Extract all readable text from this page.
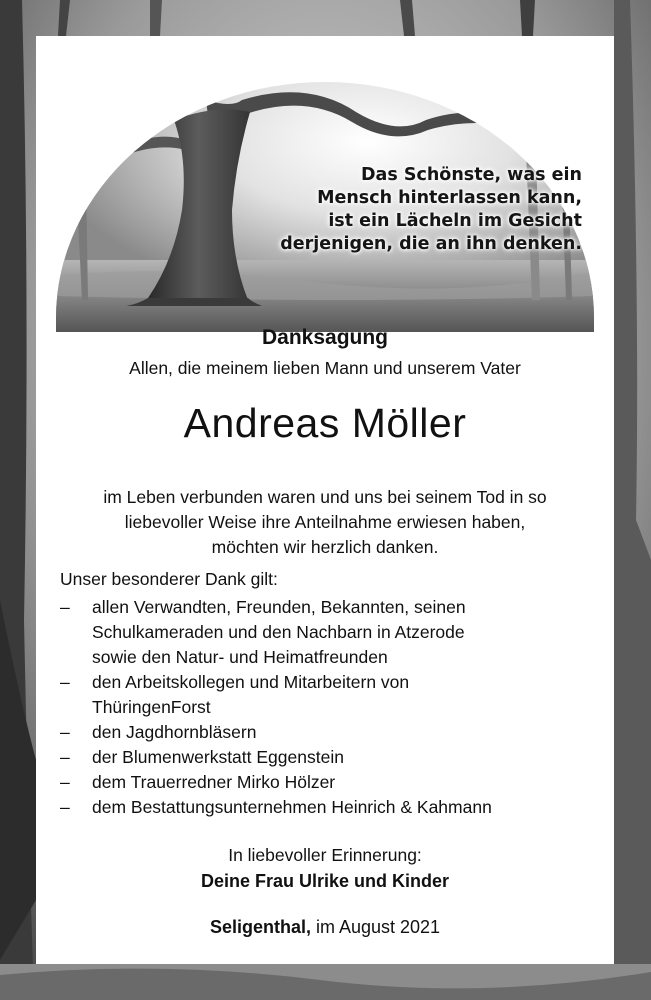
Das Schönste, was ein
Mensch hinterlassen kann,
ist ein Lächeln im Gesicht
derjenigen, die an ihn denken.
Danksagung
Allen, die meinem lieben Mann und unserem Vater
Andreas Möller
im Leben verbunden waren und uns bei seinem Tod in so
liebevoller Weise ihre Anteilnahme erwiesen haben,
möchten wir herzlich danken.
Unser besonderer Dank gilt:
– allen Verwandten, Freunden, Bekannten, seinen
Schulkameraden und den Nachbarn in Atzerode
sowie den Natur- und Heimatfreunden
– den Arbeitskollegen und Mitarbeitern von
ThüringenForst
– den Jagdhornbläsern
– der Blumenwerkstatt Eggenstein
– dem Trauerredner Mirko Hölzer
– dem Bestattungsunternehmen Heinrich & Kahmann
In liebevoller Erinnerung:
Deine Frau Ulrike und Kinder
Seligenthal, im August 2021
